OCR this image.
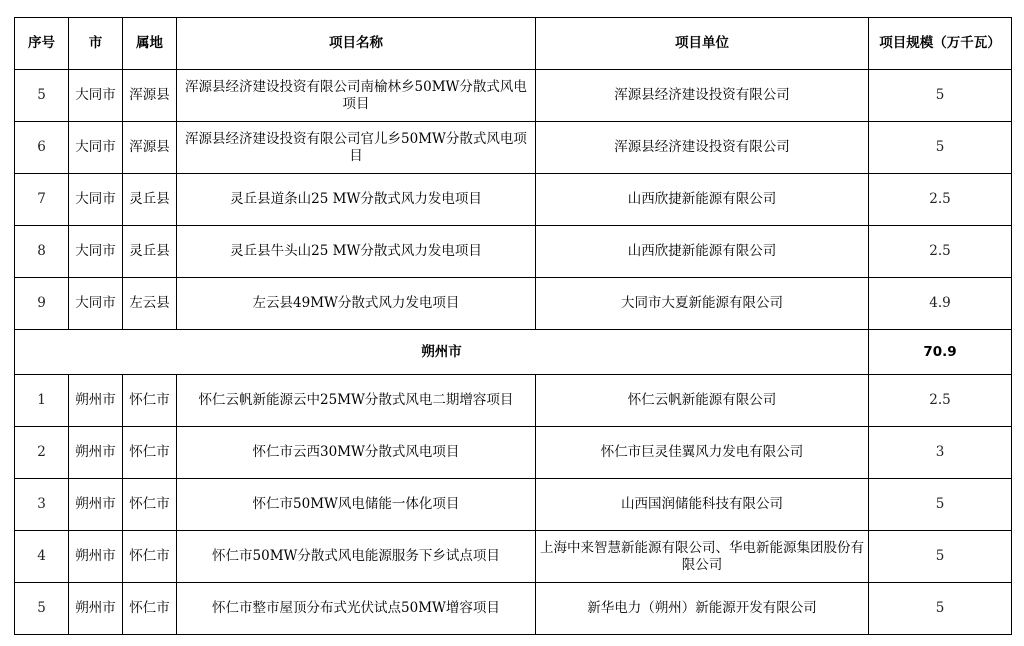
序号	市	属地	项目名称	项目单位	项目规模（万千瓦）
5	大同市	浑源县	浑源县经济建设投资有限公司南榆林乡50MW分散式风电项目	浑源县经济建设投资有限公司	5
6	大同市	浑源县	浑源县经济建设投资有限公司官儿乡50MW分散式风电项目	浑源县经济建设投资有限公司	5
7	大同市	灵丘县	灵丘县道条山25 MW分散式风力发电项目	山西欣捷新能源有限公司	2.5
8	大同市	灵丘县	灵丘县牛头山25 MW分散式风力发电项目	山西欣捷新能源有限公司	2.5
9	大同市	左云县	左云县49MW分散式风力发电项目	大同市大夏新能源有限公司	4.9
朔州市					70.9
1	朔州市	怀仁市	怀仁云帆新能源云中25MW分散式风电二期增容项目	怀仁云帆新能源有限公司	2.5
2	朔州市	怀仁市	怀仁市云西30MW分散式风电项目	怀仁市巨灵佳翼风力发电有限公司	3
3	朔州市	怀仁市	怀仁市50MW风电储能一体化项目	山西国润储能科技有限公司	5
4	朔州市	怀仁市	怀仁市50MW分散式风电能源服务下乡试点项目	上海中来智慧新能源有限公司、华电新能源集团股份有限公司	5
5	朔州市	怀仁市	怀仁市整市屋顶分布式光伏试点50MW增容项目	新华电力（朔州）新能源开发有限公司	5
